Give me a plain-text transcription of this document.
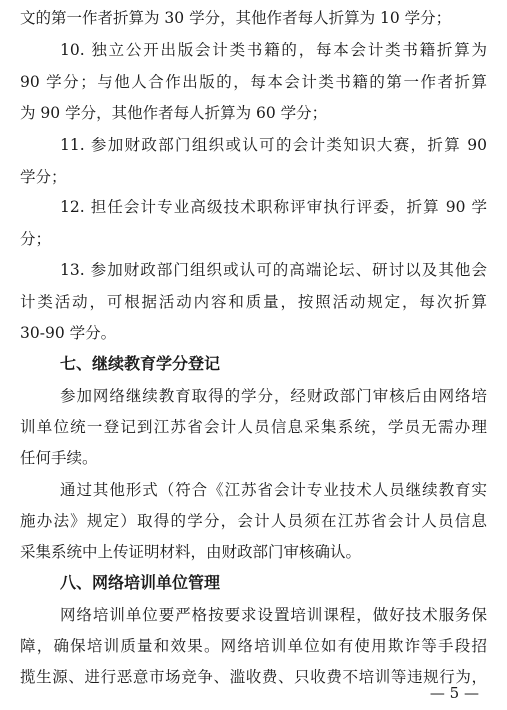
文的第一作者折算为 30 学分，其他作者每人折算为 10 学分；
10. 独立公开出版会计类书籍的，每本会计类书籍折算为
90 学分；与他人合作出版的，每本会计类书籍的第一作者折算
为 90 学分，其他作者每人折算为 60 学分；
11. 参加财政部门组织或认可的会计类知识大赛，折算 90
学分；
12. 担任会计专业高级技术职称评审执行评委，折算 90 学
分；
13. 参加财政部门组织或认可的高端论坛、研讨以及其他会
计类活动，可根据活动内容和质量，按照活动规定，每次折算
30-90 学分。
七、继续教育学分登记
参加网络继续教育取得的学分，经财政部门审核后由网络培
训单位统一登记到江苏省会计人员信息采集系统，学员无需办理
任何手续。
通过其他形式（符合《江苏省会计专业技术人员继续教育实
施办法》规定）取得的学分，会计人员须在江苏省会计人员信息
采集系统中上传证明材料，由财政部门审核确认。
八、网络培训单位管理
网络培训单位要严格按要求设置培训课程，做好技术服务保
障，确保培训质量和效果。网络培训单位如有使用欺诈等手段招
揽生源、进行恶意市场竞争、滥收费、只收费不培训等违规行为，
— 5 —
